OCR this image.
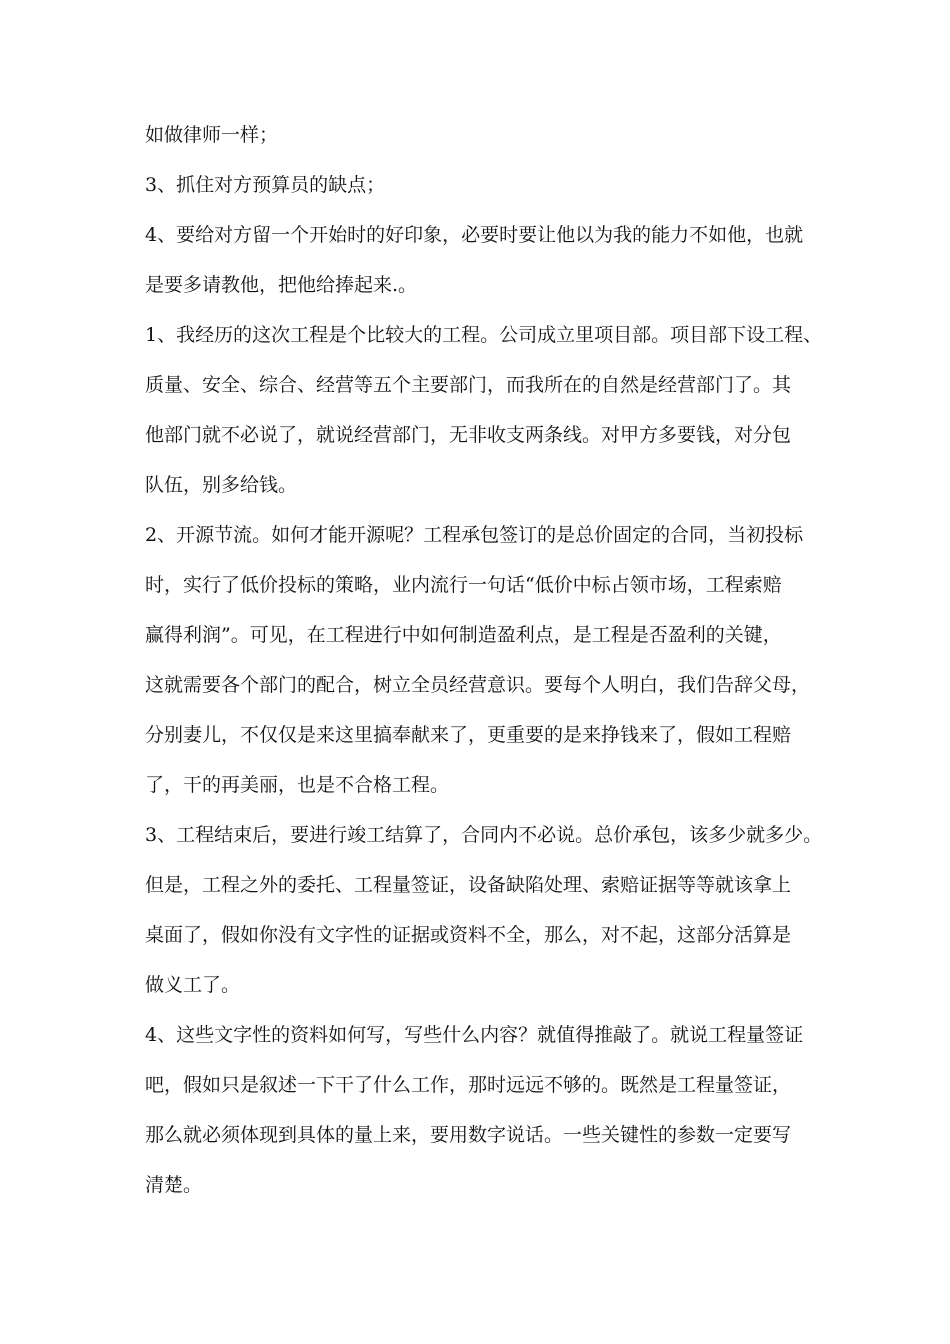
如做律师一样；
3、抓住对方预算员的缺点；
4、要给对方留一个开始时的好印象，必要时要让他以为我的能力不如他，也就
是要多请教他，把他给捧起来.。
1、我经历的这次工程是个比较大的工程。公司成立里项目部。项目部下设工程、
质量、安全、综合、经营等五个主要部门，而我所在的自然是经营部门了。其
他部门就不必说了，就说经营部门，无非收支两条线。对甲方多要钱，对分包
队伍，别多给钱。
2、开源节流。如何才能开源呢？工程承包签订的是总价固定的合同，当初投标
时，实行了低价投标的策略，业内流行一句话“低价中标占领市场，工程索赔
赢得利润”。可见，在工程进行中如何制造盈利点，是工程是否盈利的关键，
这就需要各个部门的配合，树立全员经营意识。要每个人明白，我们告辞父母，
分别妻儿，不仅仅是来这里搞奉献来了，更重要的是来挣钱来了，假如工程赔
了，干的再美丽，也是不合格工程。
3、工程结束后，要进行竣工结算了，合同内不必说。总价承包，该多少就多少。
但是，工程之外的委托、工程量签证，设备缺陷处理、索赔证据等等就该拿上
桌面了，假如你没有文字性的证据或资料不全，那么，对不起，这部分活算是
做义工了。
4、这些文字性的资料如何写，写些什么内容？就值得推敲了。就说工程量签证
吧，假如只是叙述一下干了什么工作，那时远远不够的。既然是工程量签证，
那么就必须体现到具体的量上来，要用数字说话。一些关键性的参数一定要写
清楚。
